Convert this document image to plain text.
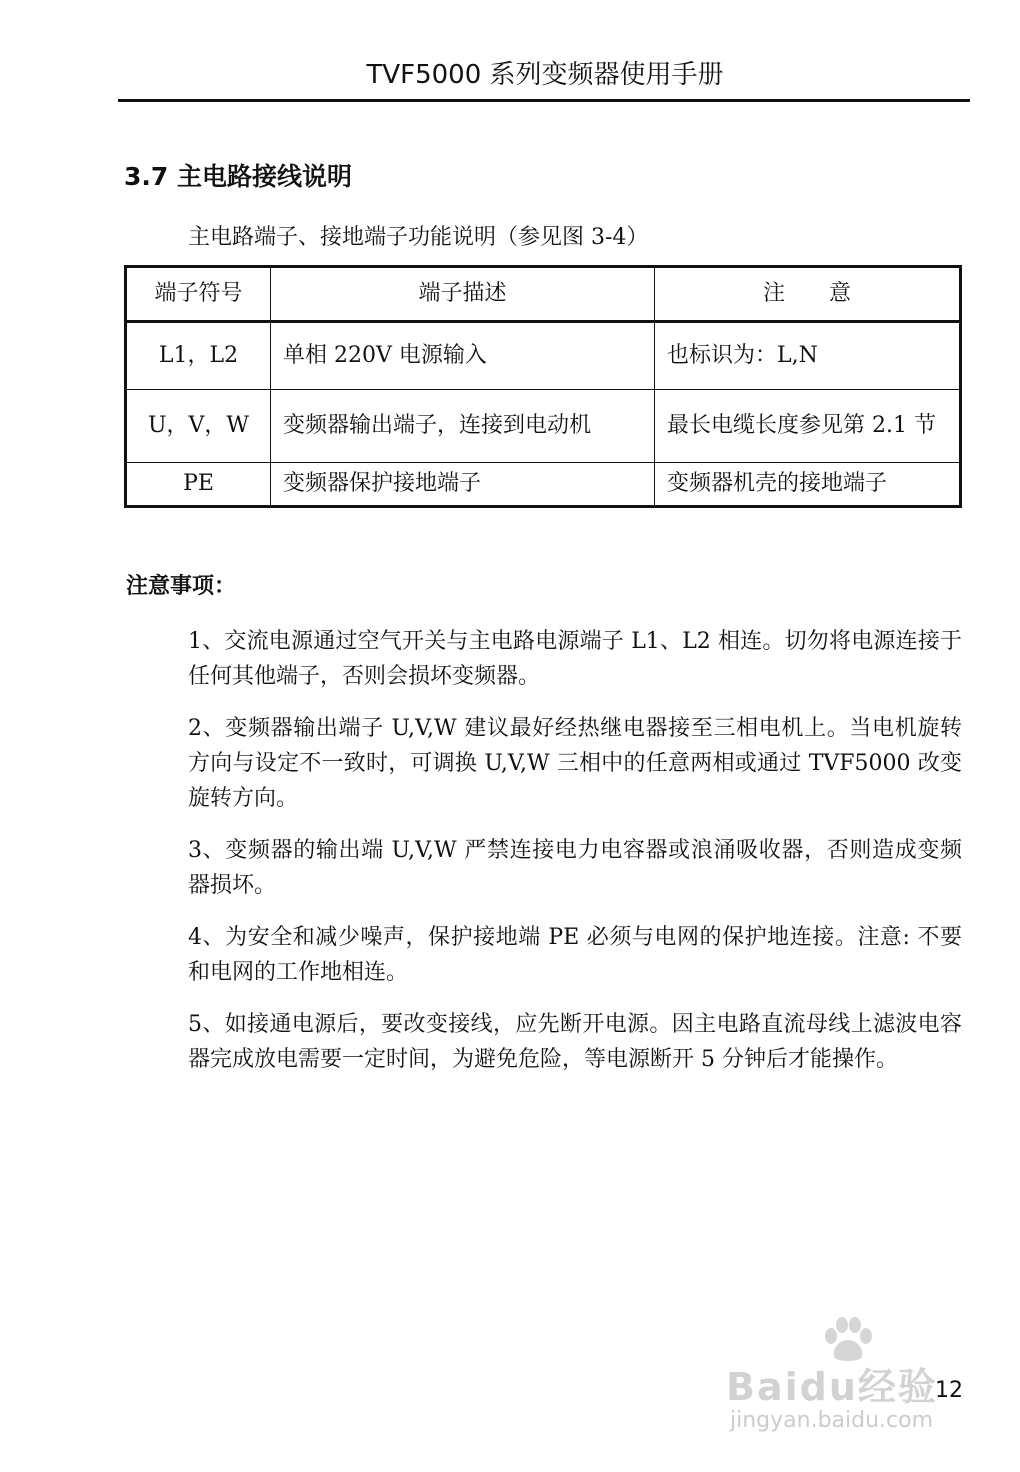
TVF5000 系列变频器使用手册
3.7 主电路接线说明
主电路端子、接地端子功能说明（参见图 3-4）
端子符号	端子描述	注　　意
L1，L2	单相 220V 电源输入	也标识为：L,N
U，V，W	变频器输出端子，连接到电动机	最长电缆长度参见第 2.1 节
PE	变频器保护接地端子	变频器机壳的接地端子
注意事项：

1、交流电源通过空气开关与主电路电源端子 L1、L2 相连。切勿将电源连接于任何其他端子，否则会损坏变频器。

2、变频器输出端子 U,V,W 建议最好经热继电器接至三相电机上。当电机旋转方向与设定不一致时，可调换 U,V,W 三相中的任意两相或通过 TVF5000 改变旋转方向。

3、变频器的输出端 U,V,W 严禁连接电力电容器或浪涌吸收器，否则造成变频器损坏。

4、为安全和减少噪声，保护接地端 PE 必须与电网的保护地连接。注意: 不要和电网的工作地相连。

5、如接通电源后，要改变接线，应先断开电源。因主电路直流母线上滤波电容器完成放电需要一定时间，为避免危险，等电源断开 5 分钟后才能操作。

Baidu经验
jingyan.baidu.com
12
